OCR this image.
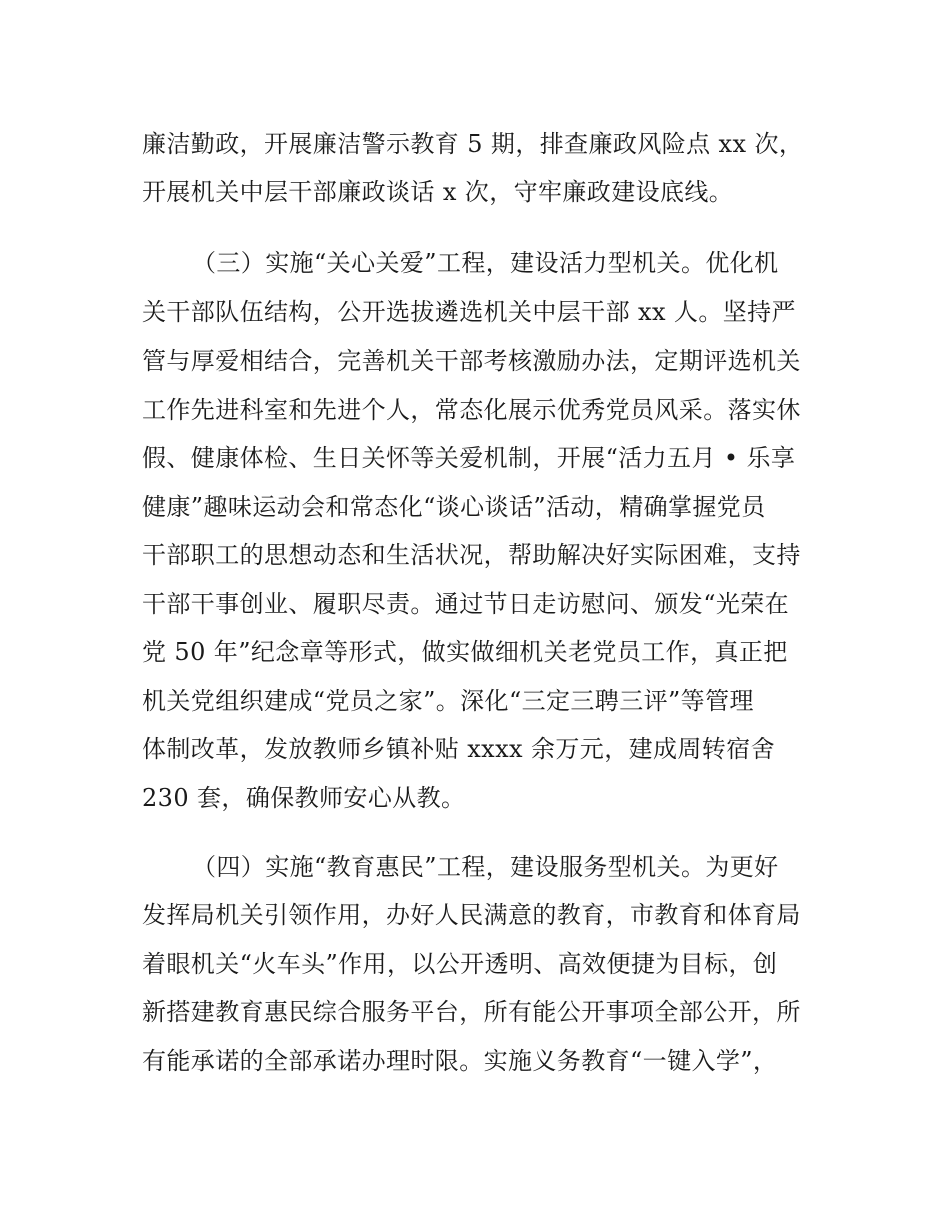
廉洁勤政，开展廉洁警示教育 5 期，排查廉政风险点 xx 次，
开展机关中层干部廉政谈话 x 次，守牢廉政建设底线。
（三）实施“关心关爱”工程，建设活力型机关。优化机
关干部队伍结构，公开选拔遴选机关中层干部 xx 人。坚持严
管与厚爱相结合，完善机关干部考核激励办法，定期评选机关
工作先进科室和先进个人，常态化展示优秀党员风采。落实休
假、健康体检、生日关怀等关爱机制，开展“活力五月 • 乐享
健康”趣味运动会和常态化“谈心谈话”活动，精确掌握党员
干部职工的思想动态和生活状况，帮助解决好实际困难，支持
干部干事创业、履职尽责。通过节日走访慰问、颁发“光荣在
党 50 年”纪念章等形式，做实做细机关老党员工作，真正把
机关党组织建成“党员之家”。深化“三定三聘三评”等管理
体制改革，发放教师乡镇补贴 xxxx 余万元，建成周转宿舍
230 套，确保教师安心从教。
（四）实施“教育惠民”工程，建设服务型机关。为更好
发挥局机关引领作用，办好人民满意的教育，市教育和体育局
着眼机关“火车头”作用，以公开透明、高效便捷为目标，创
新搭建教育惠民综合服务平台，所有能公开事项全部公开，所
有能承诺的全部承诺办理时限。实施义务教育“一键入学”，
